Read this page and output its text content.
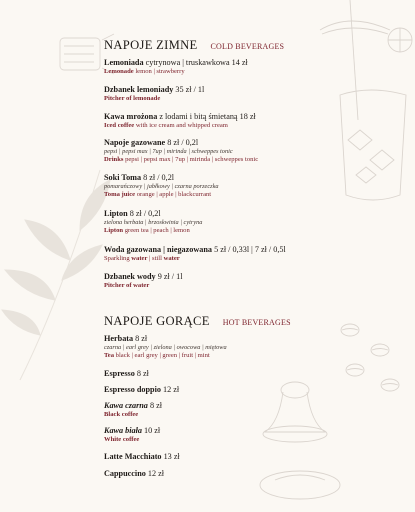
NAPOJE ZIMNE COLD BEVERAGES
Lemoniada cytrynowa | truskawkowa 14 zł
Lemonade lemon | strawberry
Dzbanek lemoniady 35 zł / 1l
Pitcher of lemonade
Kawa mrożona z lodami i bitą śmietaną 18 zł
Iced coffee with ice cream and whipped cream
Napoje gazowane 8 zł / 0,2l
pepsi | pepsi max | 7up | mirinda | schweppes tonic
Drinks pepsi | pepsi max | 7up | mirinda | schweppes tonic
Soki Toma 8 zł / 0,2l
pomarańczowy | jabłkowy | czarna porzeczka
Toma juice orange | apple | blackcurrant
Lipton 8 zł / 0,2l
zielona herbata | brzoskwinia | cytryna
Lipton green tea | peach | lemon
Woda gazowana | niegazowana 5 zł / 0,33l | 7 zł / 0,5l
Sparkling water | still water
Dzbanek wody 9 zł / 1l
Pitcher of water
NAPOJE GORĄCE HOT BEVERAGES
Herbata 8 zł
czarna | earl grey | zielona | owocowa | miętowa
Tea black | earl grey | green | fruit | mint
Espresso 8 zł
Espresso doppio 12 zł
Kawa czarna 8 zł
Black coffee
Kawa biała 10 zł
White coffee
Latte Macchiato 13 zł
Cappuccino 12 zł
